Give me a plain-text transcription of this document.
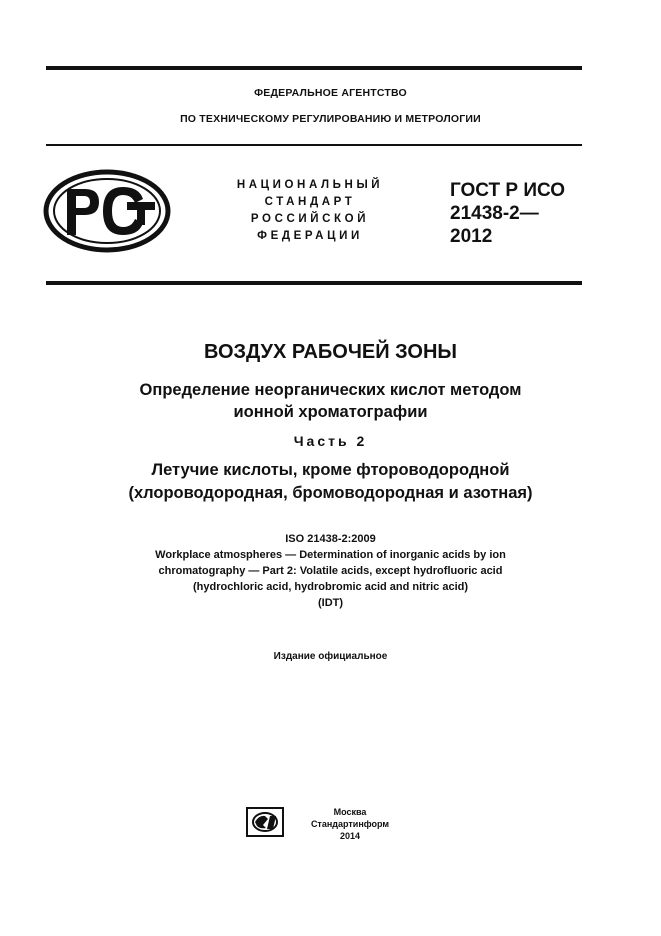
ФЕДЕРАЛЬНОЕ АГЕНТСТВО
ПО ТЕХНИЧЕСКОМУ РЕГУЛИРОВАНИЮ И МЕТРОЛОГИИ
НАЦИОНАЛЬНЫЙ
СТАНДАРТ
РОССИЙСКОЙ
ФЕДЕРАЦИИ
ГОСТ Р ИСО
21438-2—
2012
ВОЗДУХ РАБОЧЕЙ ЗОНЫ
Определение неорганических кислот методом
ионной хроматографии
Часть 2
Летучие кислоты, кроме фтороводородной
(хлороводородная, бромоводородная и азотная)
ISO 21438-2:2009
Workplace atmospheres — Determination of inorganic acids by ion
chromatography — Part 2: Volatile acids, except hydrofluoric acid
(hydrochloric acid, hydrobromic acid and nitric acid)
(IDT)
Издание официальное
Москва
Стандартинформ
2014
